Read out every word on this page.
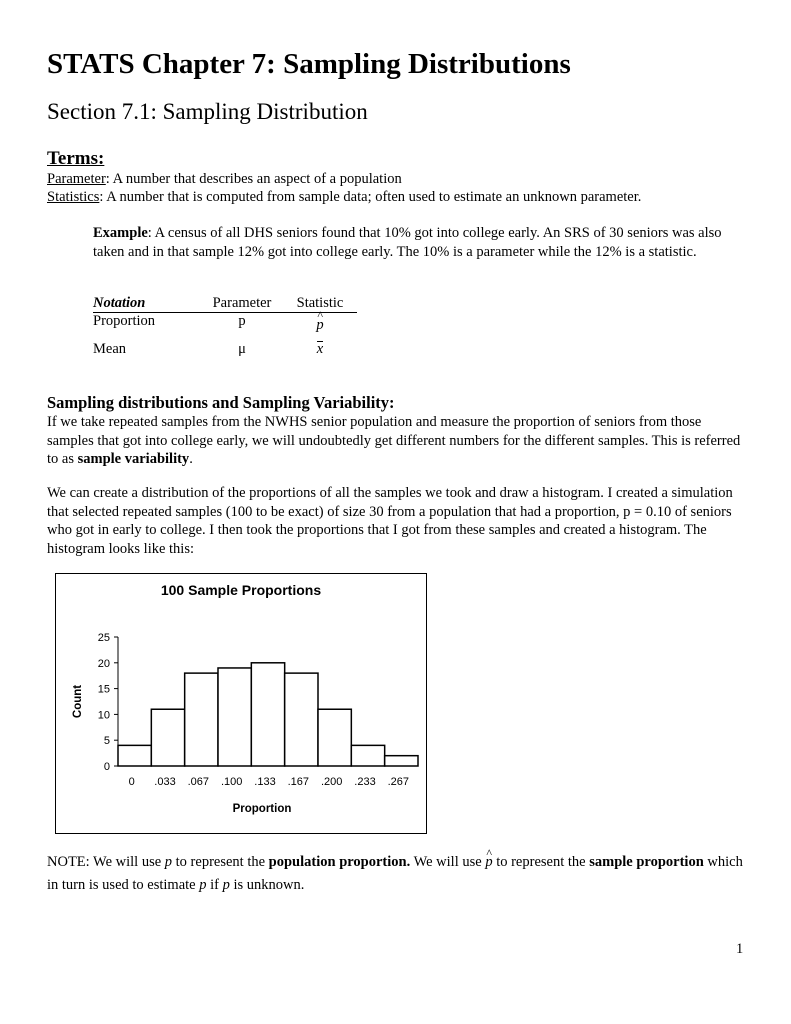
STATS Chapter 7: Sampling Distributions
Section 7.1: Sampling Distribution
Terms:
Parameter: A number that describes an aspect of a population
Statistics: A number that is computed from sample data; often used to estimate an unknown parameter.
Example: A census of all DHS seniors found that 10% got into college early. An SRS of 30 seniors was also taken and in that sample 12% got into college early. The 10% is a parameter while the 12% is a statistic.
Notation	Parameter	Statistic
Proportion	p	^ p
Mean	μ	x
Sampling distributions and Sampling Variability:
If we take repeated samples from the NWHS senior population and measure the proportion of seniors from those samples that got into college early, we will undoubtedly get different numbers for the different samples. This is referred to as sample variability.
We can create a distribution of the proportions of all the samples we took and draw a histogram. I created a simulation that selected repeated samples (100 to be exact) of size 30 from a population that had a proportion, p = 0.10 of seniors who got in early to college. I then took the proportions that I got from these samples and created a histogram. The histogram looks like this:
100 Sample Proportions
0
5
10
15
20
25
0 .033 .067 .100 .133 .167 .200 .233 .267
Proportion
Count
NOTE: We will use p to represent the population proportion. We will use ^ p to represent the sample proportion which in turn is used to estimate p if p is unknown.
1
